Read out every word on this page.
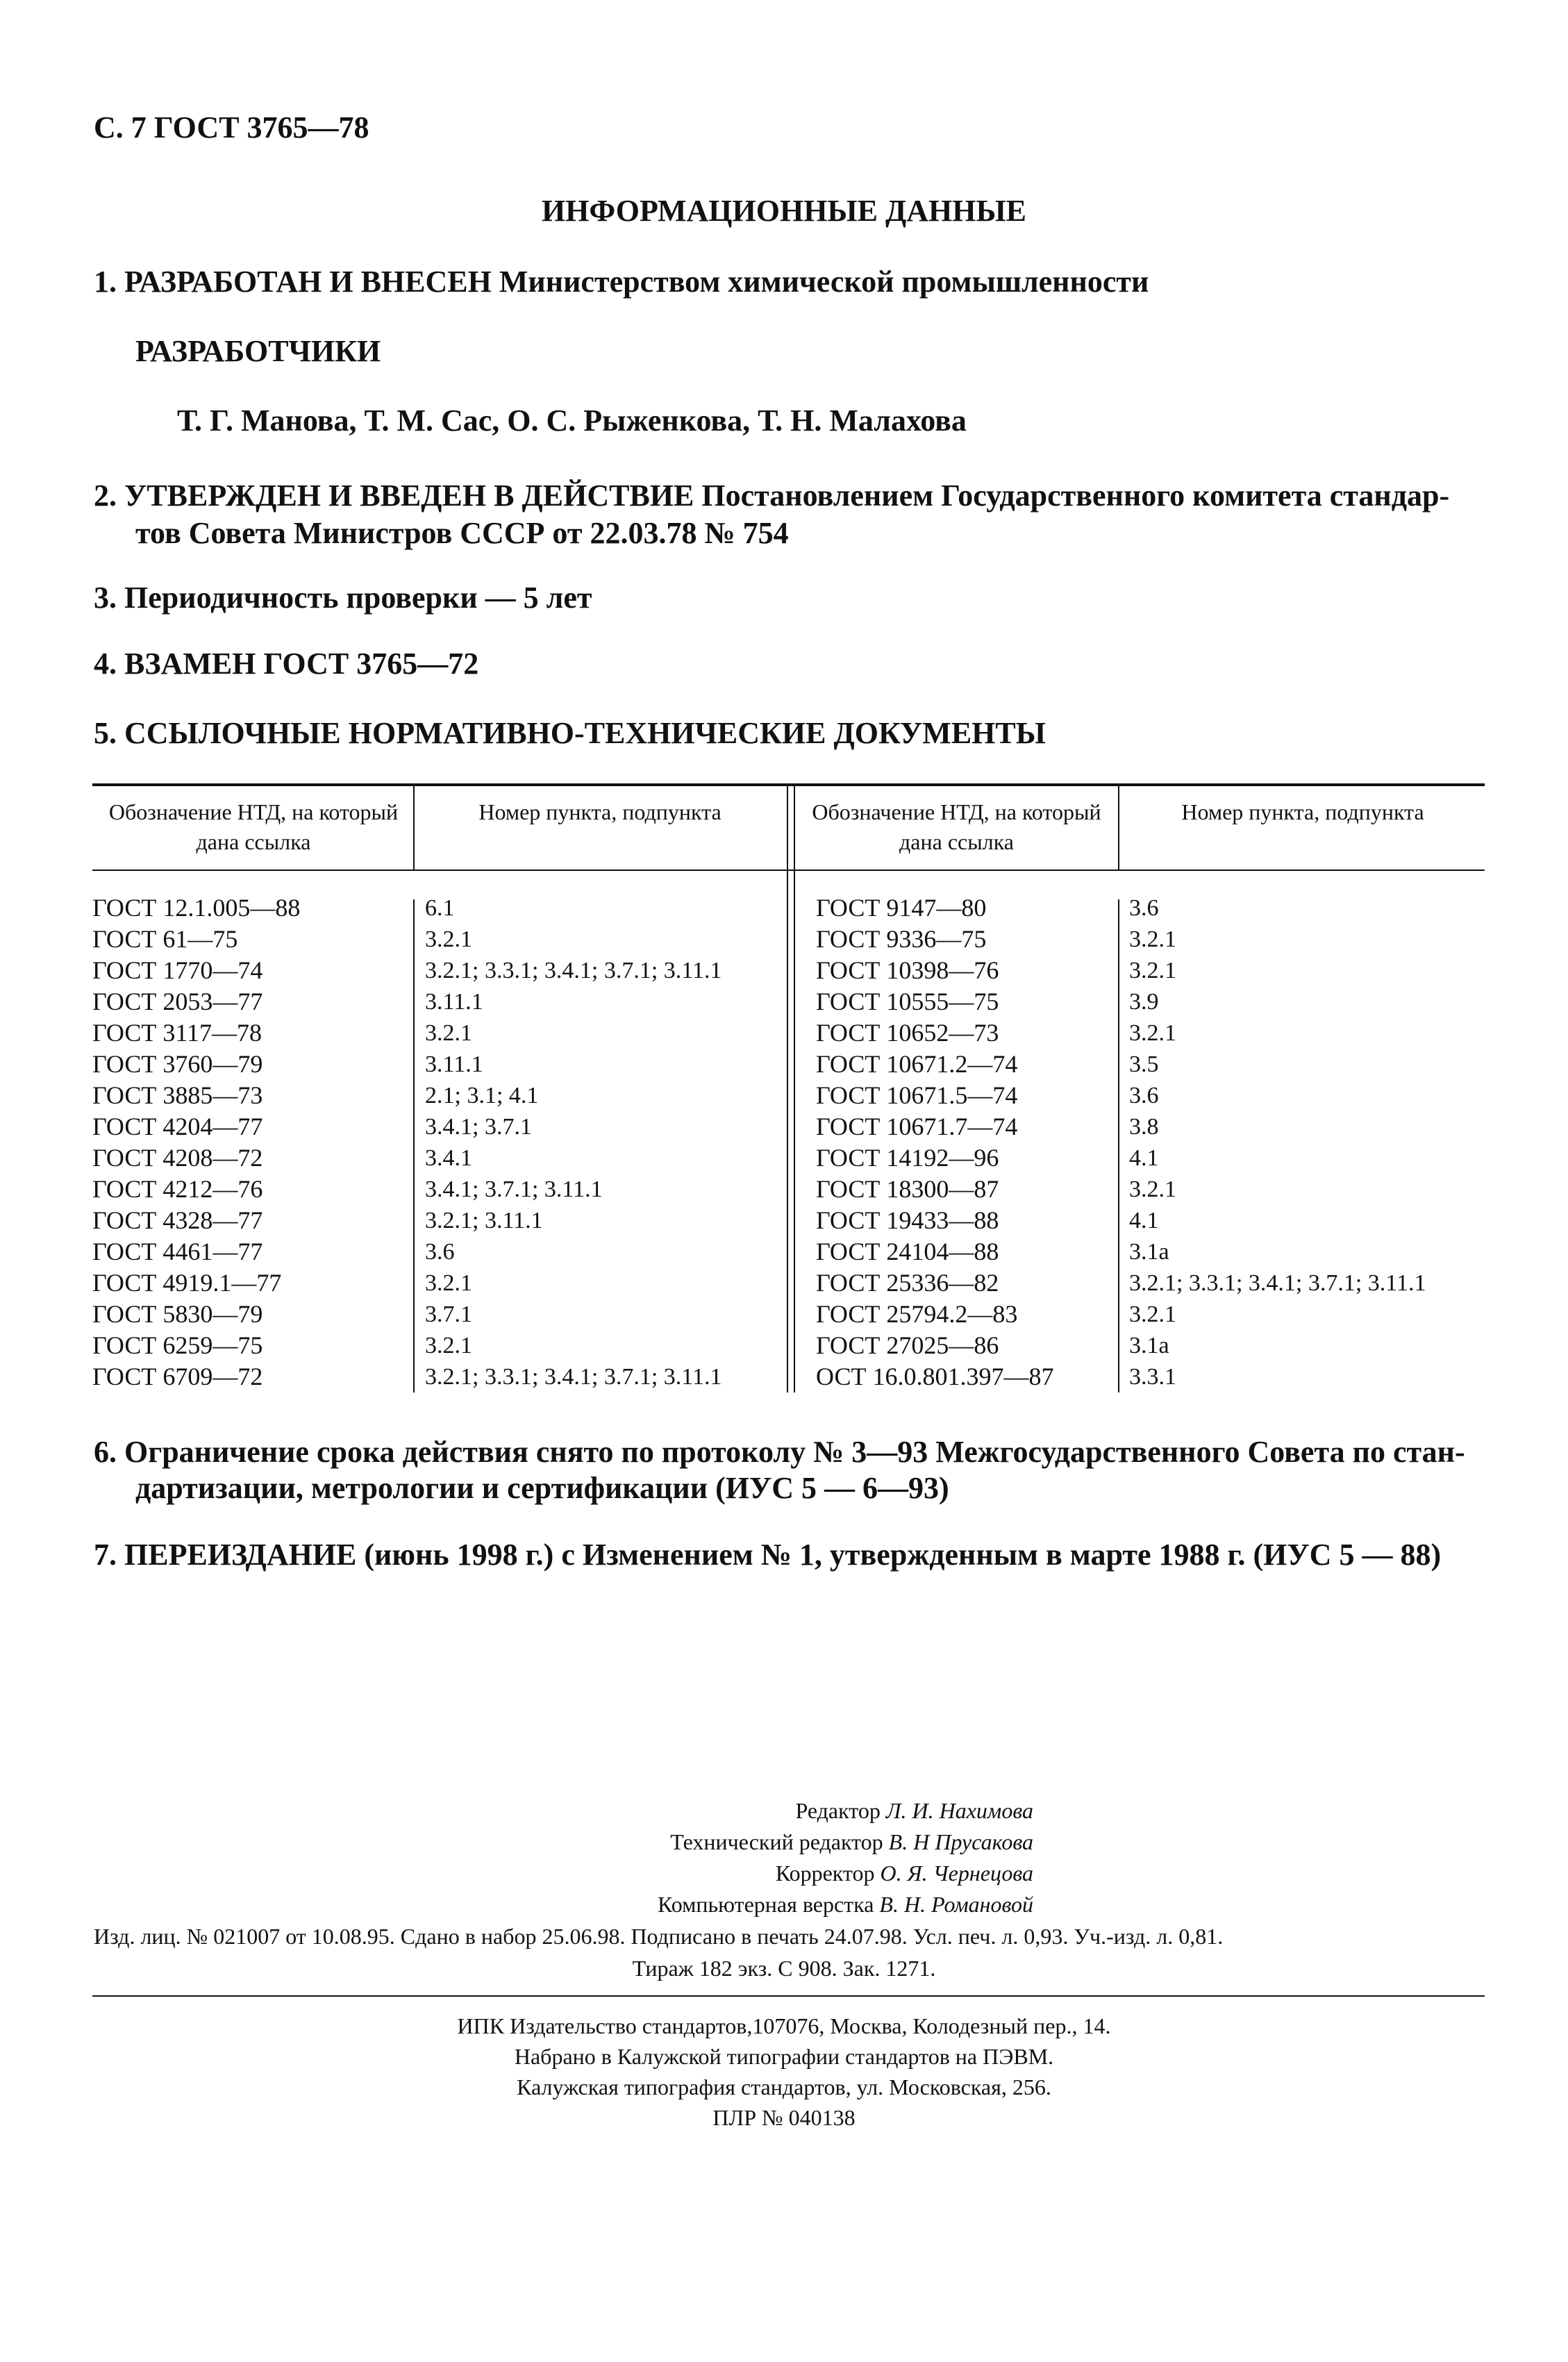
С. 7 ГОСТ 3765—78
ИНФОРМАЦИОННЫЕ ДАННЫЕ
1. РАЗРАБОТАН И ВНЕСЕН Министерством химической промышленности
РАЗРАБОТЧИКИ
Т. Г. Манова, Т. М. Сас, О. С. Рыженкова, Т. Н. Малахова
2. УТВЕРЖДЕН И ВВЕДЕН В ДЕЙСТВИЕ Постановлением Государственного комитета стандар-
тов Совета Министров СССР от 22.03.78 № 754
3. Периодичность проверки — 5 лет
4. ВЗАМЕН ГОСТ 3765—72
5. ССЫЛОЧНЫЕ НОРМАТИВНО-ТЕХНИЧЕСКИЕ ДОКУМЕНТЫ
Обозначение НТД, на который дана ссылка
Номер пункта, подпункта	Обозначение НТД, на который дана ссылка
Номер пункта, подпункта
ГОСТ 12.1.005—88
ГОСТ 61—75
ГОСТ 1770—74
ГОСТ 2053—77
ГОСТ 3117—78
ГОСТ 3760—79
ГОСТ 3885—73
ГОСТ 4204—77
ГОСТ 4208—72
ГОСТ 4212—76
ГОСТ 4328—77
ГОСТ 4461—77
ГОСТ 4919.1—77
ГОСТ 5830—79
ГОСТ 6259—75
ГОСТ 6709—72
6.1
3.2.1
3.2.1; 3.3.1; 3.4.1; 3.7.1; 3.11.1
3.11.1
3.2.1
3.11.1
2.1; 3.1; 4.1
3.4.1; 3.7.1
3.4.1
3.4.1; 3.7.1; 3.11.1
3.2.1; 3.11.1
3.6
3.2.1
3.7.1
3.2.1
3.2.1; 3.3.1; 3.4.1; 3.7.1; 3.11.1
ГОСТ 9147—80
ГОСТ 9336—75
ГОСТ 10398—76
ГОСТ 10555—75
ГОСТ 10652—73
ГОСТ 10671.2—74
ГОСТ 10671.5—74
ГОСТ 10671.7—74
ГОСТ 14192—96
ГОСТ 18300—87
ГОСТ 19433—88
ГОСТ 24104—88
ГОСТ 25336—82
ГОСТ 25794.2—83
ГОСТ 27025—86
ОСТ 16.0.801.397—87
3.6
3.2.1
3.2.1
3.9
3.2.1
3.5
3.6
3.8
4.1
3.2.1
4.1
3.1а
3.2.1; 3.3.1; 3.4.1; 3.7.1; 3.11.1
3.2.1
3.1а
3.3.1
6. Ограничение срока действия снято по протоколу № 3—93 Межгосударственного Совета по стан-
дартизации, метрологии и сертификации (ИУС 5 — 6—93)
7. ПЕРЕИЗДАНИЕ (июнь 1998 г.) с Изменением № 1, утвержденным в марте 1988 г. (ИУС 5 — 88)
Редактор Л. И. Нахимова
Технический редактор В. Н Прусакова
Корректор О. Я. Чернецова
Компьютерная верстка В. Н. Романовой
Изд. лиц. № 021007 от 10.08.95. Сдано в набор 25.06.98. Подписано в печать 24.07.98. Усл. печ. л. 0,93. Уч.-изд. л. 0,81.
Тираж 182 экз. С 908. Зак. 1271.
ИПК Издательство стандартов,107076, Москва, Колодезный пер., 14.
Набрано в Калужской типографии стандартов на ПЭВМ.
Калужская типография стандартов, ул. Московская, 256.
ПЛР № 040138
